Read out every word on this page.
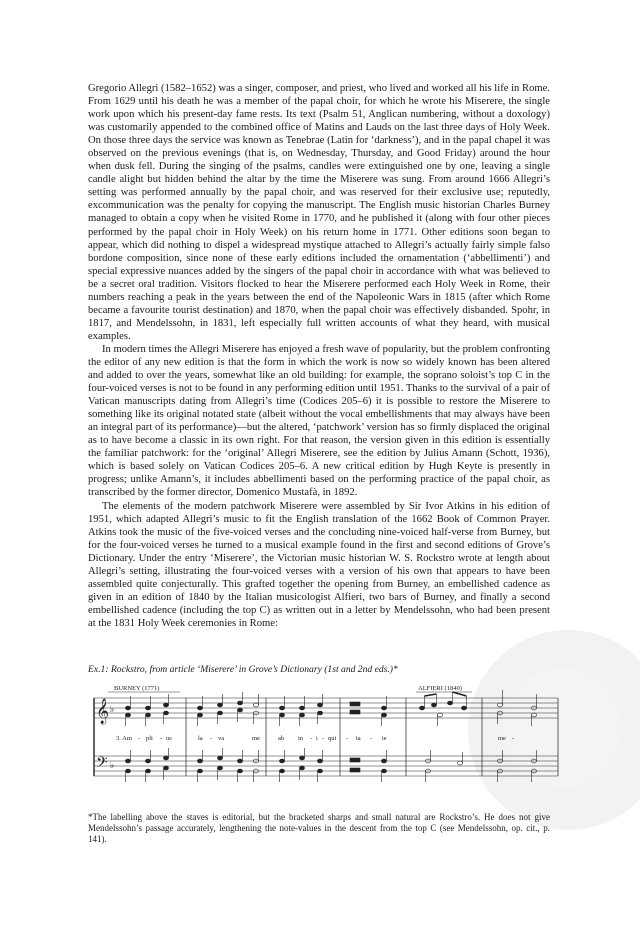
Gregorio Allegri (1582–1652) was a singer, composer, and priest, who lived and worked all his life in Rome. From 1629 until his death he was a member of the papal choir, for which he wrote his Miserere, the single work upon which his present-day fame rests. Its text (Psalm 51, Anglican numbering, without a doxology) was customarily appended to the combined office of Matins and Lauds on the last three days of Holy Week. On those three days the service was known as Tenebrae (Latin for ‘darkness’), and in the papal chapel it was observed on the previous evenings (that is, on Wednesday, Thursday, and Good Friday) around the hour when dusk fell. During the singing of the psalms, candles were extinguished one by one, leaving a single candle alight but hidden behind the altar by the time the Miserere was sung. From around 1666 Allegri’s setting was performed annually by the papal choir, and was reserved for their exclusive use; reputedly, excommunication was the penalty for copying the manuscript. The English music historian Charles Burney managed to obtain a copy when he visited Rome in 1770, and he published it (along with four other pieces performed by the papal choir in Holy Week) on his return home in 1771. Other editions soon began to appear, which did nothing to dispel a widespread mystique attached to Allegri’s actually fairly simple falso bordone composition, since none of these early editions included the ornamentation (‘abbellimenti’) and special expressive nuances added by the singers of the papal choir in accordance with what was believed to be a secret oral tradition. Visitors flocked to hear the Miserere performed each Holy Week in Rome, their numbers reaching a peak in the years between the end of the Napoleonic Wars in 1815 (after which Rome became a favourite tourist destination) and 1870, when the papal choir was effectively disbanded. Spohr, in 1817, and Mendelssohn, in 1831, left especially full written accounts of what they heard, with musical examples.

In modern times the Allegri Miserere has enjoyed a fresh wave of popularity, but the problem confronting the editor of any new edition is that the form in which the work is now so widely known has been altered and added to over the years, somewhat like an old building: for example, the soprano soloist’s top C in the four-voiced verses is not to be found in any performing edition until 1951. Thanks to the survival of a pair of Vatican manuscripts dating from Allegri’s time (Codices 205–6) it is possible to restore the Miserere to something like its original notated state (albeit without the vocal embellishments that may always have been an integral part of its performance)—but the altered, ‘patchwork’ version has so firmly displaced the original as to have become a classic in its own right. For that reason, the version given in this edition is essentially the familiar patchwork: for the ‘original’ Allegri Miserere, see the edition by Julius Amann (Schott, 1936), which is based solely on Vatican Codices 205–6. A new critical edition by Hugh Keyte is presently in progress; unlike Amann’s, it includes abbellimenti based on the performing practice of the papal choir, as transcribed by the former director, Domenico Mustafà, in 1892.

The elements of the modern patchwork Miserere were assembled by Sir Ivor Atkins in his edition of 1951, which adapted Allegri’s music to fit the English translation of the 1662 Book of Common Prayer. Atkins took the music of the five-voiced verses and the concluding nine-voiced half-verse from Burney, but for the four-voiced verses he turned to a musical example found in the first and second editions of Grove’s Dictionary. Under the entry ‘Miserere’, the Victorian music historian W. S. Rockstro wrote at length about Allegri’s setting, illustrating the four-voiced verses with a version of his own that appears to have been assembled quite conjecturally. This grafted together the opening from Burney, an embellished cadence as given in an edition of 1840 by the Italian musicologist Alfieri, two bars of Burney, and finally a second embellished cadence (including the top C) as written out in a letter by Mendelssohn, who had been present at the 1831 Holy Week ceremonies in Rome:

Ex.1: Rockstro, from article ‘Miserere’ in Grove’s Dictionary (1st and 2nd eds.)*
BURNEY (1771)	ALFIERI (1840)
𝄞
𝄢
♭
♭
3. Am - pli - us	la - va	me	ab in - i - qui - ta - te	me -
*The labelling above the staves is editorial, but the bracketed sharps and small natural are Rockstro’s. He does not give Mendelssohn’s passage accurately, lengthening the note-values in the descent from the top C (see Mendelssohn, op. cit., p. 141).
